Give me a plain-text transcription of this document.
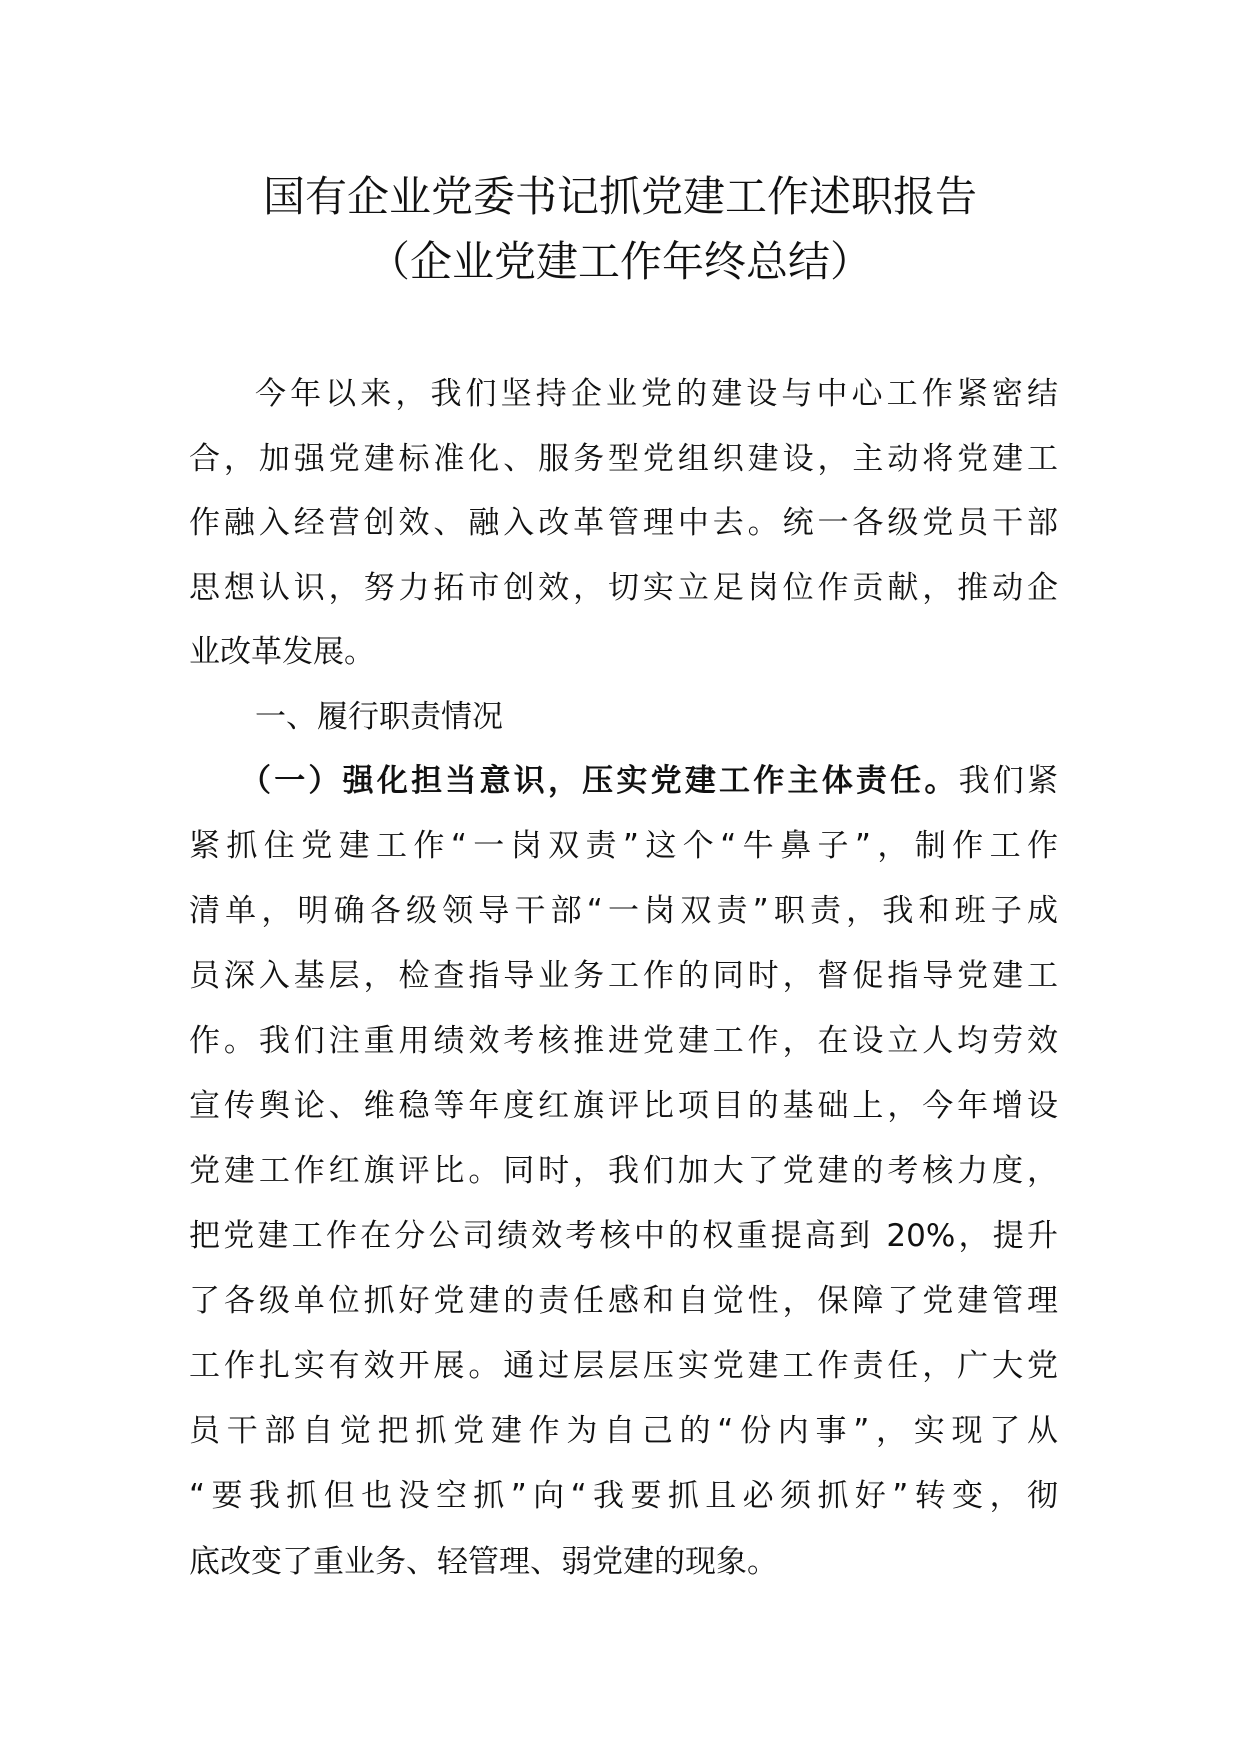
国有企业党委书记抓党建工作述职报告
（企业党建工作年终总结）
今年以来，我们坚持企业党的建设与中心工作紧密结
合，加强党建标准化、服务型党组织建设，主动将党建工
作融入经营创效、融入改革管理中去。统一各级党员干部
思想认识，努力拓市创效，切实立足岗位作贡献，推动企
业改革发展。
一、履行职责情况
（一）强化担当意识，压实党建工作主体责任。我们紧
紧抓住党建工作“一岗双责”这个“牛鼻子”，制作工作
清单，明确各级领导干部“一岗双责”职责，我和班子成
员深入基层，检查指导业务工作的同时，督促指导党建工
作。我们注重用绩效考核推进党建工作，在设立人均劳效
宣传舆论、维稳等年度红旗评比项目的基础上，今年增设
党建工作红旗评比。同时，我们加大了党建的考核力度，
把党建工作在分公司绩效考核中的权重提高到 20%，提升
了各级单位抓好党建的责任感和自觉性，保障了党建管理
工作扎实有效开展。通过层层压实党建工作责任，广大党
员干部自觉把抓党建作为自己的“份内事”，实现了从
“要我抓但也没空抓”向“我要抓且必须抓好”转变，彻
底改变了重业务、轻管理、弱党建的现象。
